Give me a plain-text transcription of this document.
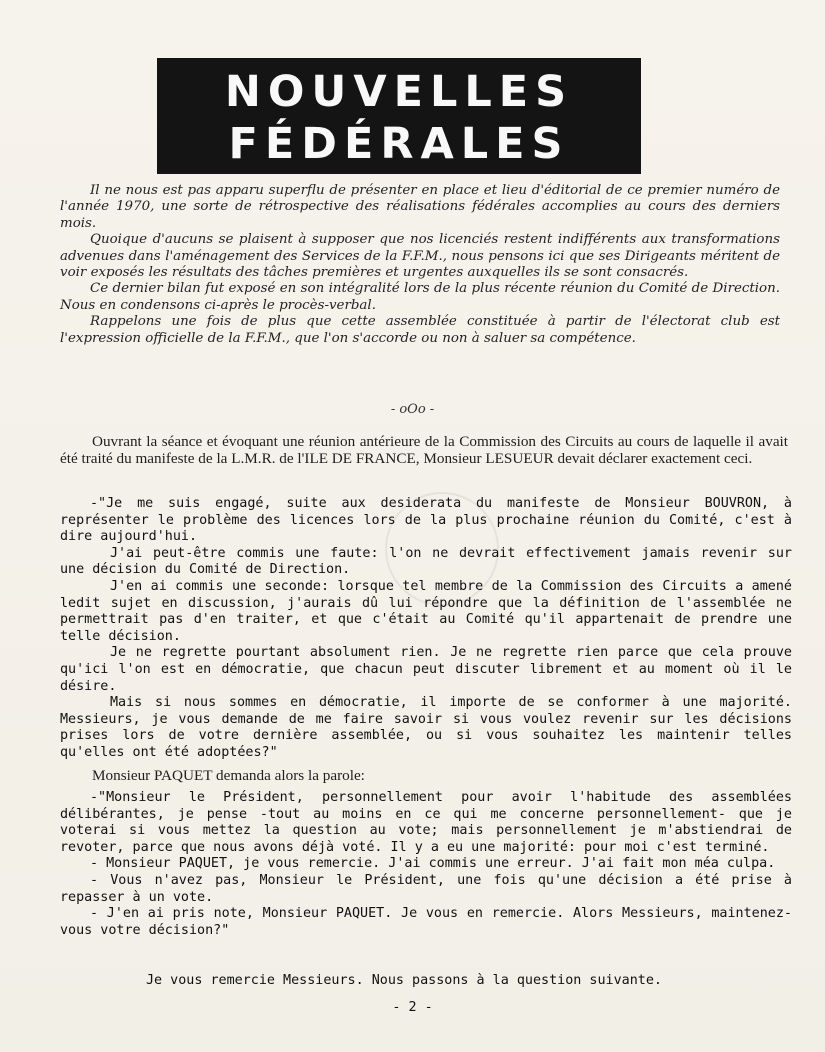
NOUVELLES
FÉDÉRALES

Il ne nous est pas apparu superflu de présenter en place et lieu d'éditorial de ce premier numéro de l'année 1970, une sorte de rétrospective des réalisations fédérales accomplies au cours des derniers mois.

Quoique d'aucuns se plaisent à supposer que nos licenciés restent indifférents aux transformations advenues dans l'aménagement des Services de la F.F.M., nous pensons ici que ses Dirigeants méritent de voir exposés les résultats des tâches premières et urgentes auxquelles ils se sont consacrés.

Ce dernier bilan fut exposé en son intégralité lors de la plus récente réunion du Comité de Direction. Nous en condensons ci-après le procès-verbal.

Rappelons une fois de plus que cette assemblée constituée à partir de l'électorat club est l'expression officielle de la F.F.M., que l'on s'accorde ou non à saluer sa compétence.

- oOo -

Ouvrant la séance et évoquant une réunion antérieure de la Commission des Circuits au cours de laquelle il avait été traité du manifeste de la L.M.R. de l'ILE DE FRANCE, Monsieur LESUEUR devait déclarer exactement ceci.

-"Je me suis engagé, suite aux desiderata du manifeste de Monsieur BOUVRON, à représenter le problème des licences lors de la plus prochaine réunion du Comité, c'est à dire aujourd'hui.

J'ai peut-être commis une faute: l'on ne devrait effectivement jamais revenir sur une décision du Comité de Direction.

J'en ai commis une seconde: lorsque tel membre de la Commission des Circuits a amené ledit sujet en discussion, j'aurais dû lui répondre que la définition de l'assemblée ne permettrait pas d'en traiter, et que c'était au Comité qu'il appartenait de prendre une telle décision.

Je ne regrette pourtant absolument rien. Je ne regrette rien parce que cela prouve qu'ici l'on est en démocratie, que chacun peut discuter librement et au moment où il le désire.

Mais si nous sommes en démocratie, il importe de se conformer à une majorité. Messieurs, je vous demande de me faire savoir si vous voulez revenir sur les décisions prises lors de votre dernière assemblée, ou si vous souhaitez les maintenir telles qu'elles ont été adoptées?"

Monsieur PAQUET demanda alors la parole:

-"Monsieur le Président, personnellement pour avoir l'habitude des assemblées délibérantes, je pense -tout au moins en ce qui me concerne personnellement- que je voterai si vous mettez la question au vote; mais personnellement je m'abstiendrai de revoter, parce que nous avons déjà voté. Il y a eu une majorité: pour moi c'est terminé.

- Monsieur PAQUET, je vous remercie. J'ai commis une erreur. J'ai fait mon méa culpa.

- Vous n'avez pas, Monsieur le Président, une fois qu'une décision a été prise à repasser à un vote.

- J'en ai pris note, Monsieur PAQUET. Je vous en remercie. Alors Messieurs, maintenez-vous votre décision?"

Je vous remercie Messieurs. Nous passons à la question suivante.
- 2 -
